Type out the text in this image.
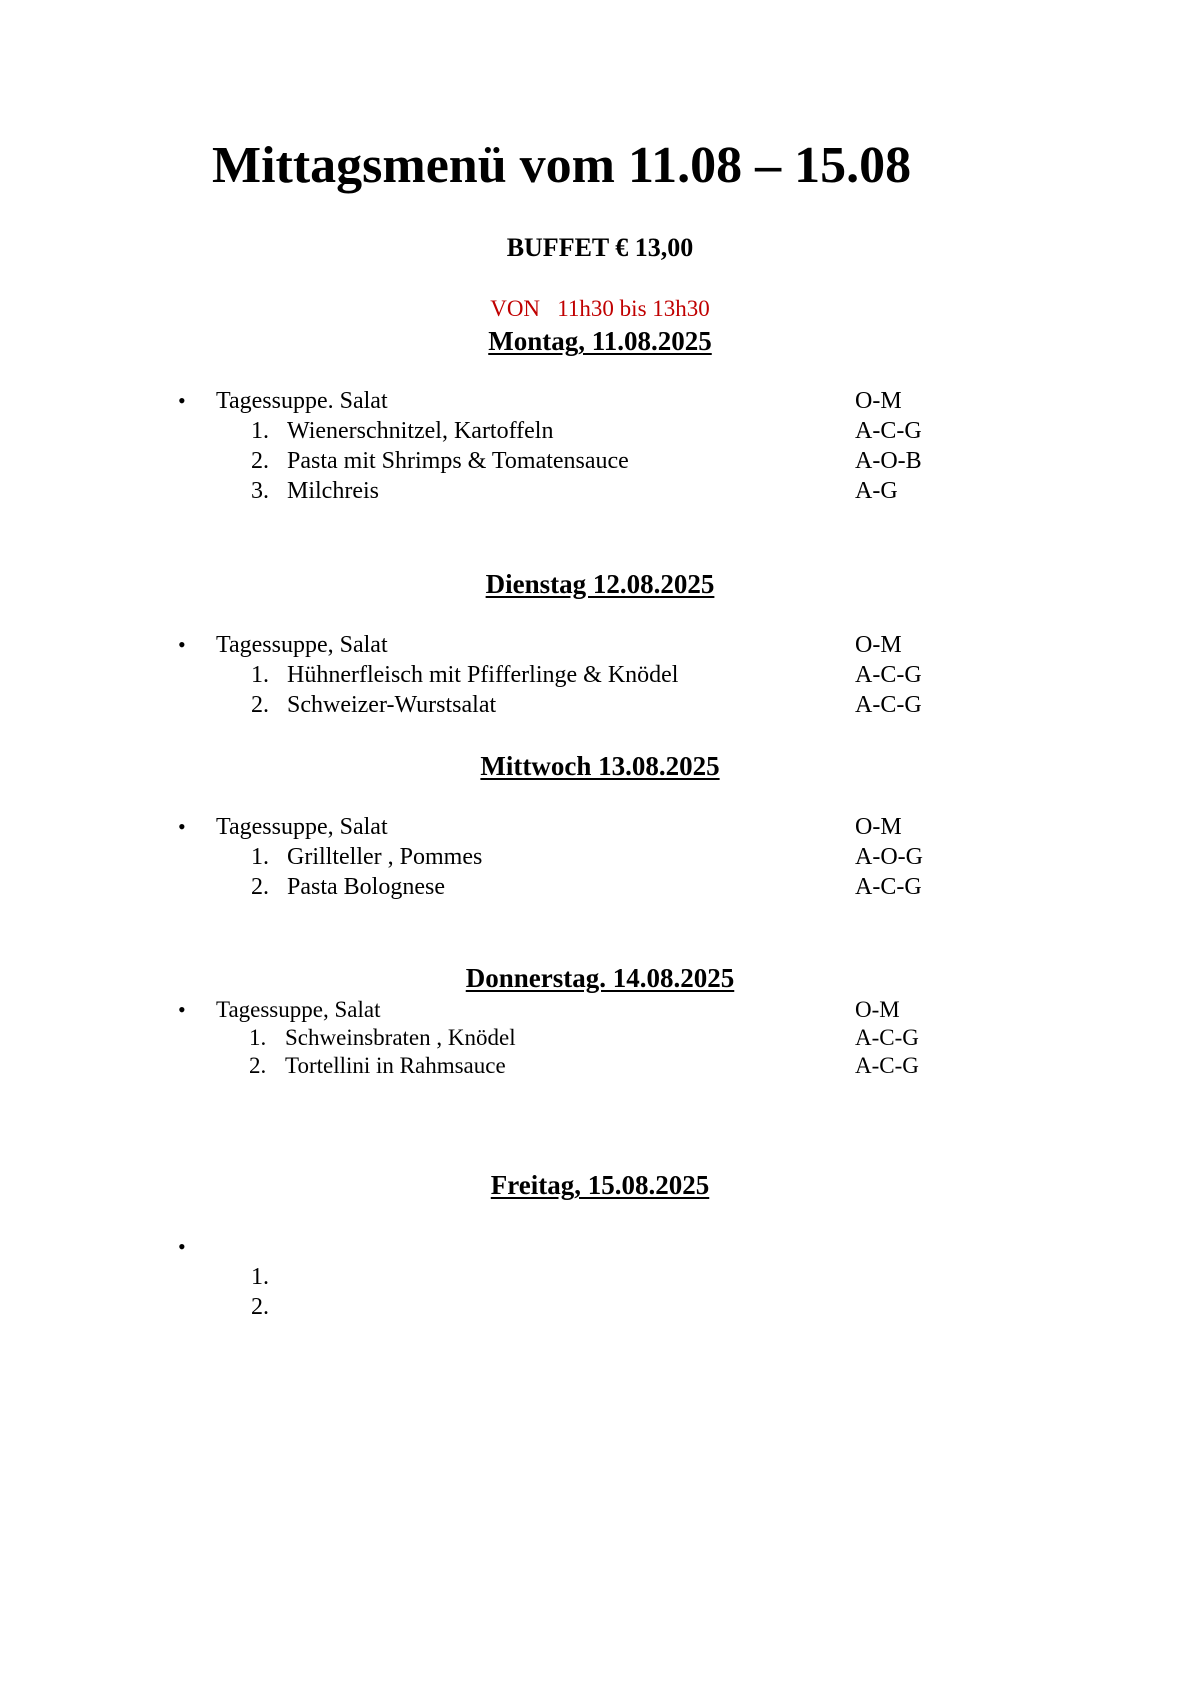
Mittagsmenü vom 11.08 – 15.08
BUFFET € 13,00
VON   11h30 bis 13h30
Montag, 11.08.2025
• Tagessuppe. Salat	O-M
1. Wienerschnitzel, Kartoffeln	A-C-G
2. Pasta mit Shrimps & Tomatensauce	A-O-B
3. Milchreis	A-G
Dienstag 12.08.2025
• Tagessuppe, Salat	O-M
1. Hühnerfleisch mit Pfifferlinge & Knödel	A-C-G
2. Schweizer-Wurstsalat	A-C-G
Mittwoch 13.08.2025
• Tagessuppe, Salat	O-M
1. Grillteller , Pommes	A-O-G
2. Pasta Bolognese	A-C-G
Donnerstag. 14.08.2025
• Tagessuppe, Salat	O-M
1. Schweinsbraten , Knödel	A-C-G
2. Tortellini in Rahmsauce	A-C-G
Freitag, 15.08.2025
•
1.
2.
